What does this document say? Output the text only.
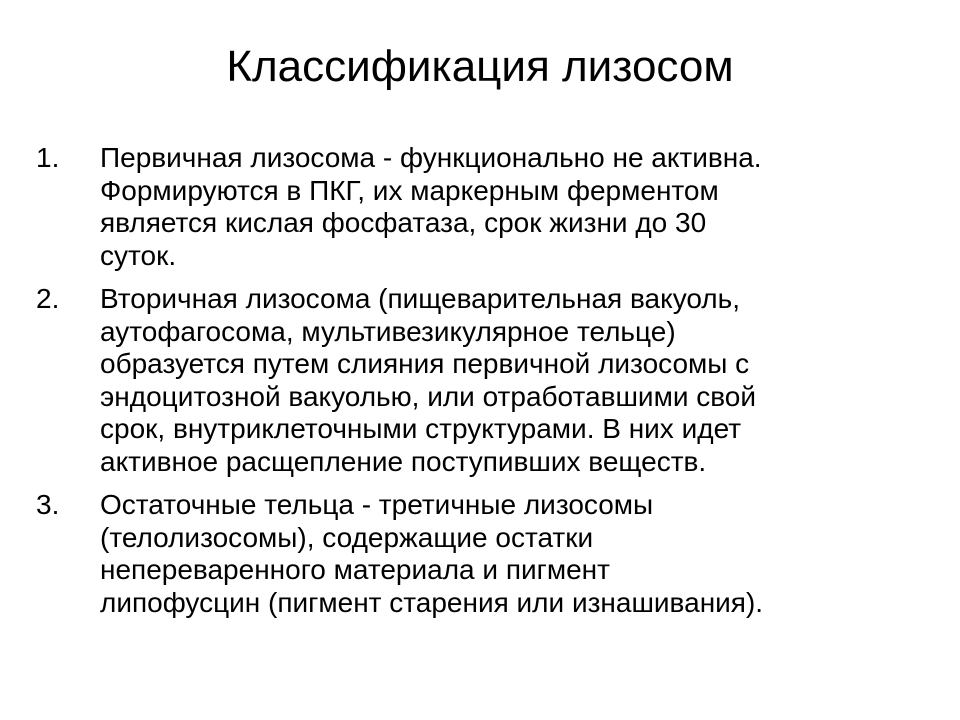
Классификация лизосом
1.	Первичная лизосома - функционально не активна.
Формируются в ПКГ, их маркерным ферментом
является кислая фосфатаза, срок жизни до 30
суток.
2.	Вторичная лизосома (пищеварительная вакуоль,
аутофагосома, мультивезикулярное тельце)
образуется путем слияния первичной лизосомы с
эндоцитозной вакуолью, или отработавшими свой
срок, внутриклеточными структурами. В них идет
активное расщепление поступивших веществ.
3.	Остаточные тельца - третичные лизосомы
(телолизосомы), содержащие остатки
непереваренного материала и пигмент
липофусцин (пигмент старения или изнашивания).
